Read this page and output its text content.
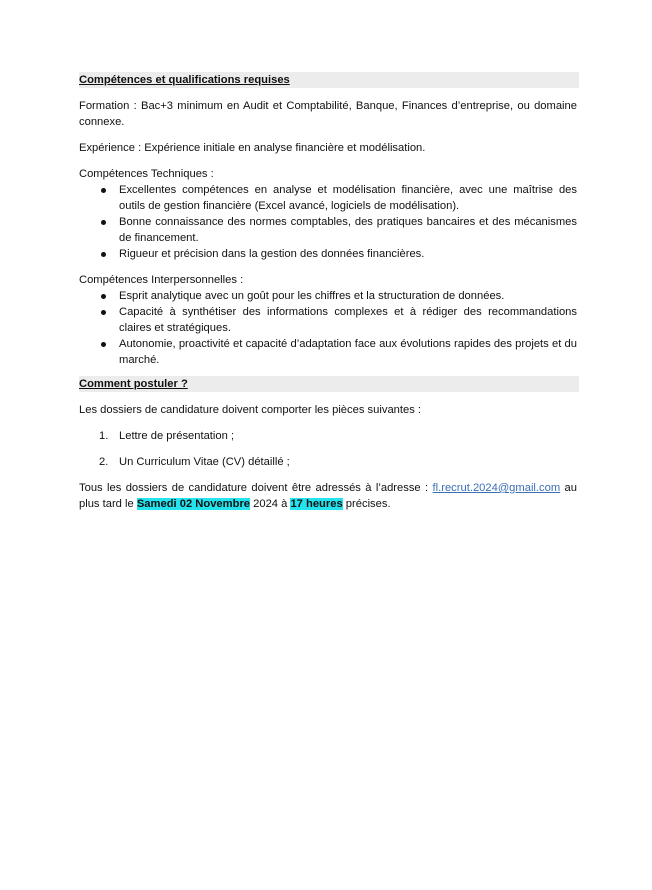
Compétences et qualifications requises

Formation : Bac+3 minimum en Audit et Comptabilité, Banque, Finances d’entreprise, ou domaine connexe.

Expérience : Expérience initiale en analyse financière et modélisation.

Compétences Techniques :

Excellentes compétences en analyse et modélisation financière, avec une maîtrise des outils de gestion financière (Excel avancé, logiciels de modélisation).
Bonne connaissance des normes comptables, des pratiques bancaires et des mécanismes de financement.
Rigueur et précision dans la gestion des données financières.

Compétences Interpersonnelles :

Esprit analytique avec un goût pour les chiffres et la structuration de données.
Capacité à synthétiser des informations complexes et à rédiger des recommandations claires et stratégiques.
Autonomie, proactivité et capacité d’adaptation face aux évolutions rapides des projets et du marché.
Comment postuler ?

Les dossiers de candidature doivent comporter les pièces suivantes :

1. Lettre de présentation ;
2. Un Curriculum Vitae (CV) détaillé ;

Tous les dossiers de candidature doivent être adressés à l’adresse : fl.recrut.2024@gmail.com au plus tard le Samedi 02 Novembre 2024 à 17 heures précises.
